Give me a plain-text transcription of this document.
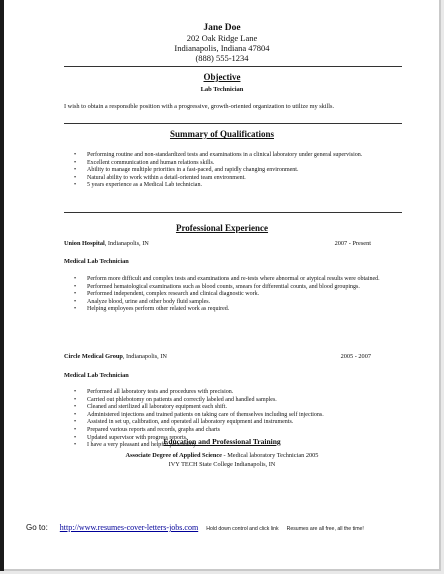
Jane Doe
202 Oak Ridge Lane
Indianapolis, Indiana 47804
(888) 555-1234
Objective
Lab Technician
I wish to obtain a responsible position with a progressive, growth-oriented organization to utilize my skills.
Summary of Qualifications
• Performing routine and non-standardized tests and examinations in a clinical laboratory under general supervision.
• Excellent communication and human relations skills.
• Ability to manage multiple priorities in a fast-paced, and rapidly changing environment.
• Natural ability to work within a detail-oriented team environment.
• 5 years experience as a Medical Lab technician.
Professional Experience
Union Hospital, Indianapolis, IN	2007 - Present
Medical Lab Technician
• Perform more difficult and complex tests and examinations and re-tests where abnormal or atypical results were obtained.
• Performed hematological examinations such as blood counts, smears for differential counts, and blood groupings.
• Performed independent, complex research and clinical diagnostic work.
• Analyze blood, urine and other body fluid samples.
• Helping employees perform other related work as required.
Circle Medical Group, Indianapolis, IN	2005 - 2007
Medical Lab Technician
• Performed all laboratory tests and procedures with precision.
• Carried out phlebotomy on patients and correctly labeled and handled samples.
• Cleaned and sterilized all laboratory equipment each shift.
• Administered injections and trained patients on taking care of themselves including self injections.
• Assisted in set up, calibration, and operated all laboratory equipment and instruments.
• Prepared various reports and records, graphs and charts
• Updated supervisor with progress reports.
• I have a very pleasant and helpful personality.
Education and Professional Training
Associate Degree of Applied Science - Medical laboratory Technician 2005
IVY TECH State College Indianapolis, IN
Go to: http://www.resumes-cover-letters-jobs.com Hold down control and click link Resumes are all free, all the time!
